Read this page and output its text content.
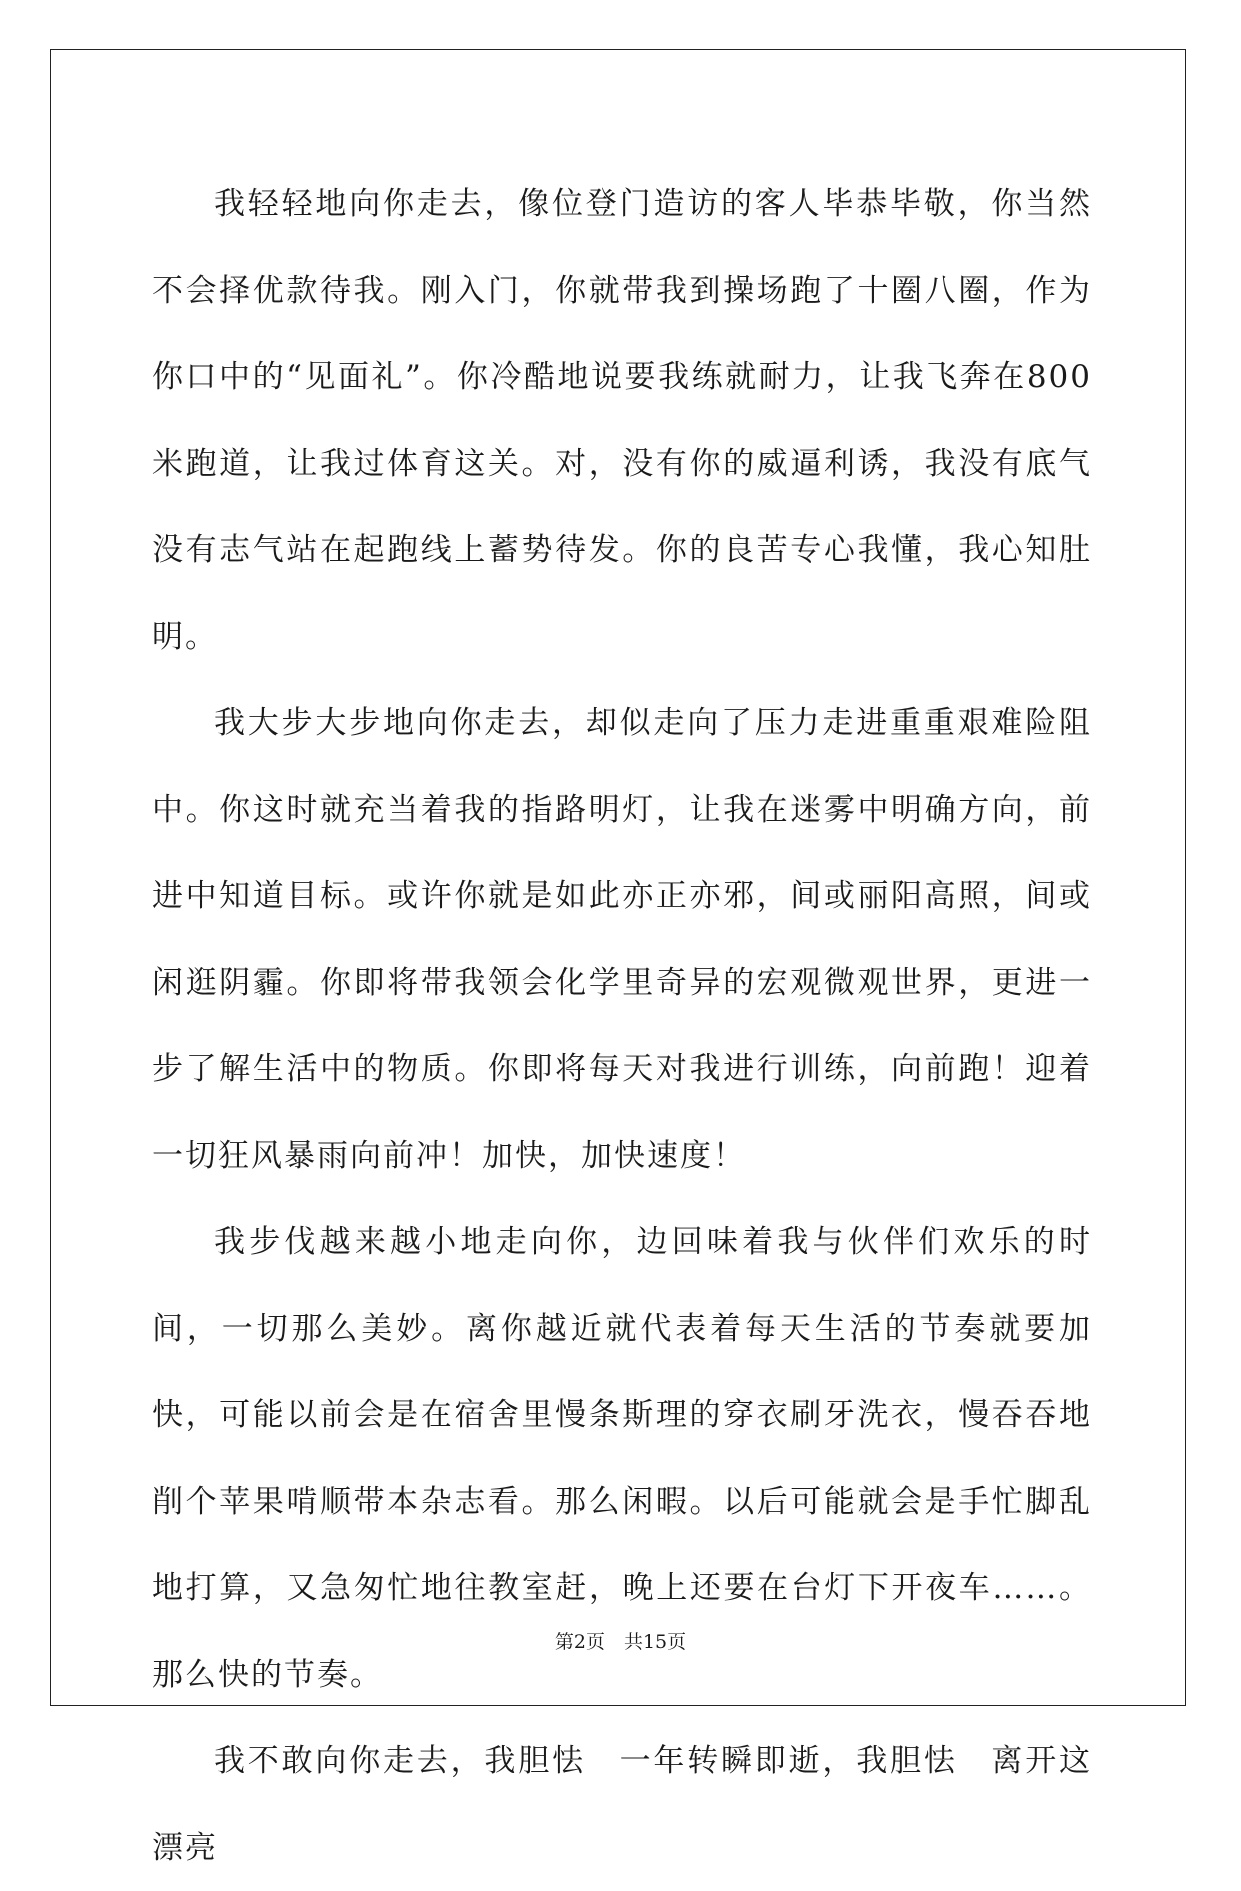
我轻轻地向你走去，像位登门造访的客人毕恭毕敬，你当然不会择优款待我。刚入门，你就带我到操场跑了十圈八圈，作为你口中的“见面礼”。你冷酷地说要我练就耐力，让我飞奔在800米跑道，让我过体育这关。对，没有你的威逼利诱，我没有底气没有志气站在起跑线上蓄势待发。你的良苦专心我懂，我心知肚明。

我大步大步地向你走去，却似走向了压力走进重重艰难险阻中。你这时就充当着我的指路明灯，让我在迷雾中明确方向，前进中知道目标。或许你就是如此亦正亦邪，间或丽阳高照，间或闲逛阴霾。你即将带我领会化学里奇异的宏观微观世界，更进一步了解生活中的物质。你即将每天对我进行训练，向前跑！迎着一切狂风暴雨向前冲！加快，加快速度！

我步伐越来越小地走向你，边回味着我与伙伴们欢乐的时间，一切那么美妙。离你越近就代表着每天生活的节奏就要加快，可能以前会是在宿舍里慢条斯理的穿衣刷牙洗衣，慢吞吞地削个苹果啃顺带本杂志看。那么闲暇。以后可能就会是手忙脚乱地打算，又急匆忙地往教室赶，晚上还要在台灯下开夜车……。那么快的节奏。

我不敢向你走去，我胆怯　一年转瞬即逝，我胆怯　离开这漂亮

第2页　共15页
